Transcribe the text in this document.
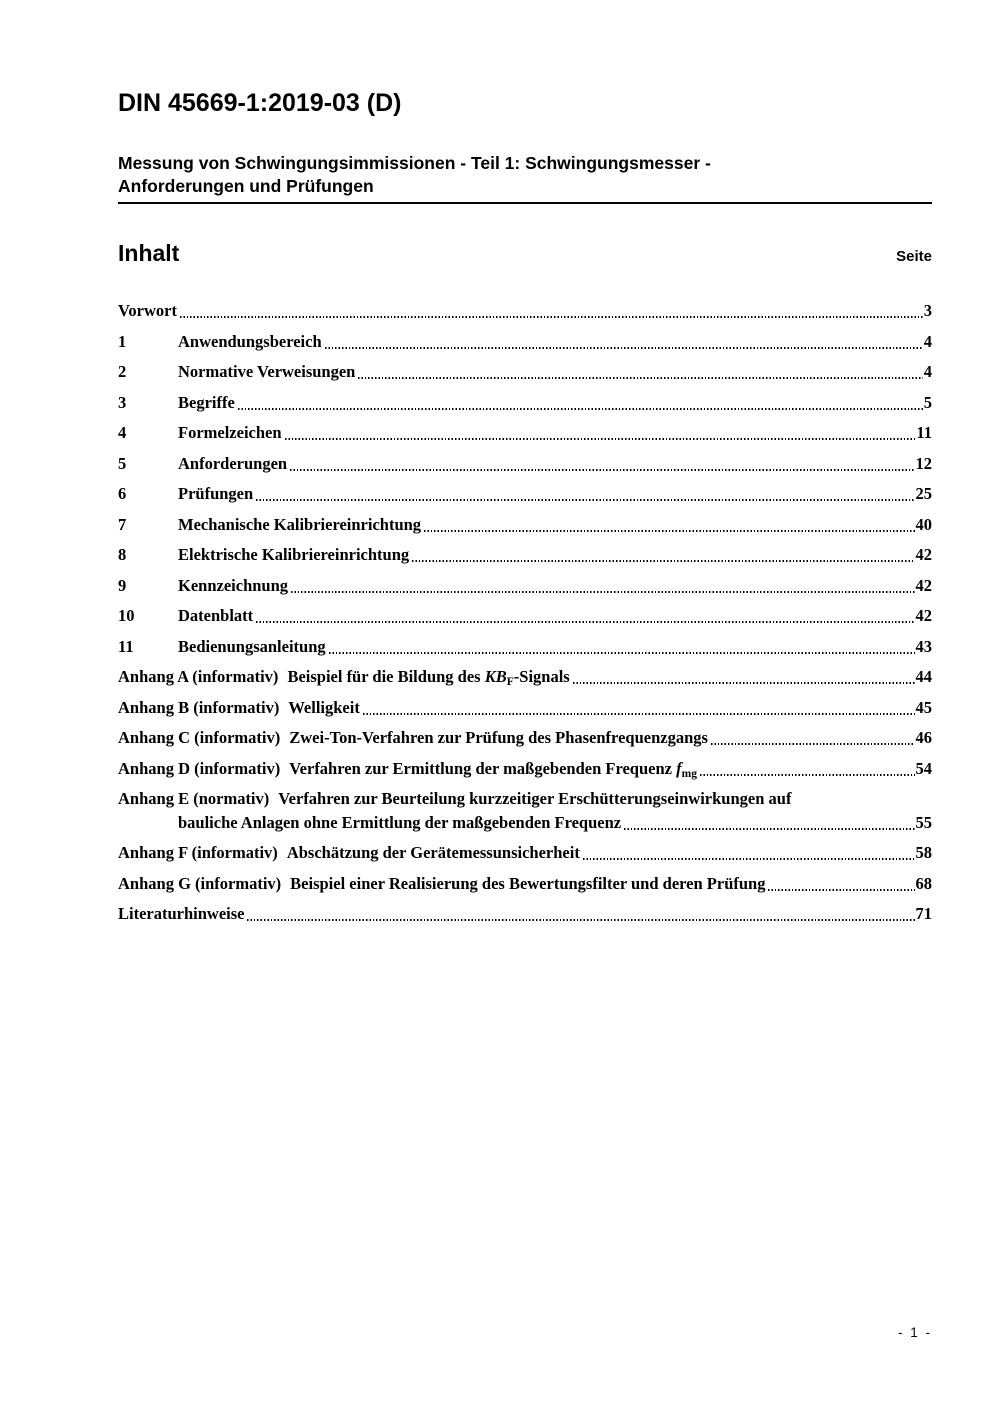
DIN 45669-1:2019-03 (D)
Messung von Schwingungsimmissionen - Teil 1: Schwingungsmesser -
Anforderungen und Prüfungen
Inhalt	Seite
Vorwort	3
1	Anwendungsbereich	4
2	Normative Verweisungen	4
3	Begriffe	5
4	Formelzeichen	11
5	Anforderungen	12
6	Prüfungen	25
7	Mechanische Kalibriereinrichtung	40
8	Elektrische Kalibriereinrichtung	42
9	Kennzeichnung	42
10	Datenblatt	42
11	Bedienungsanleitung	43
Anhang A (informativ) Beispiel für die Bildung des $KB_F$-Signals	44
Anhang B (informativ) Welligkeit	45
Anhang C (informativ) Zwei-Ton-Verfahren zur Prüfung des Phasenfrequenzgangs	46
Anhang D (informativ) Verfahren zur Ermittlung der maßgebenden Frequenz $f_{mg}$	54
Anhang E (normativ) Verfahren zur Beurteilung kurzzeitiger Erschütterungseinwirkungen auf
bauliche Anlagen ohne Ermittlung der maßgebenden Frequenz	55
Anhang F (informativ) Abschätzung der Gerätemessunsicherheit	58
Anhang G (informativ) Beispiel einer Realisierung des Bewertungsfilter und deren Prüfung	68
Literaturhinweise	71
- 1 -
